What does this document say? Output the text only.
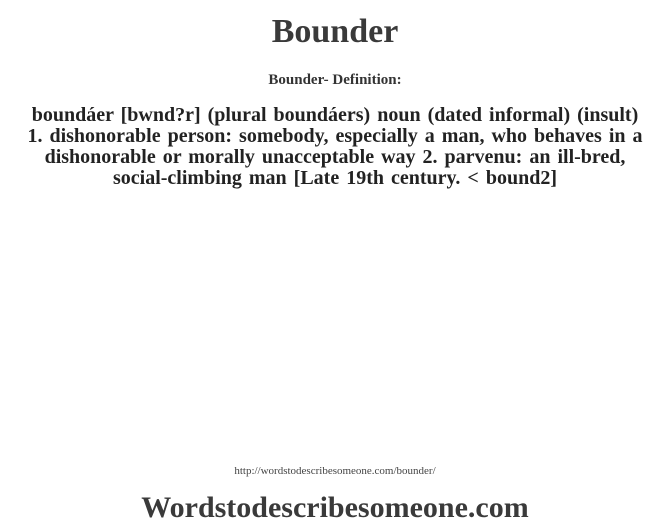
Bounder
Bounder- Definition:
boundáer [bwnd?r] (plural boundáers) noun (dated informal) (insult) 1. dishonorable person: somebody, especially a man, who behaves in a dishonorable or morally unacceptable way 2. parvenu: an ill-bred, social-climbing man [Late 19th century. < bound2]
http://wordstodescribesomeone.com/bounder/
Wordstodescribesomeone.com
